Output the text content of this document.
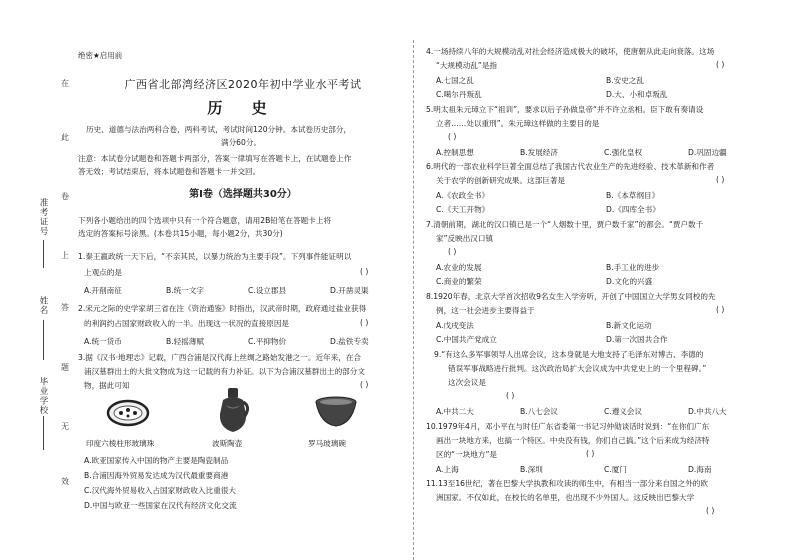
在
此
卷
上
答
题
无
效
准考证号
姓名
毕业学校
绝密★启用前
广西省北部湾经济区2020年初中学业水平考试
历 史
历史、道德与法治两科合卷，两科考试，考试时间120分钟。本试卷历史部分，
满分60分。
注意：本试卷分试题卷和答题卡两部分，答案一律填写在答题卡上，在试题卷上作
答无效；考试结束后，将本试题卷和答题卡一并交回。
第Ⅰ卷（选择题共30分）
下列各小题给出的四个选项中只有一个符合题意，请用2B铅笔在答题卡上将
选定的答案标号涂黑。(本卷共15小题，每小题2分，共30分)
1.秦王嬴政统一天下后，“不亲其民，以暴力统治为主要手段”。下列事件能证明以
上观点的是	( )
A.开削南征	B.统一文字	C.设立郡县	D.开凿灵渠
2.宋元之际的史学家胡三省在注《资治通鉴》时指出，汉武帝时期，政府通过盐业获得
的利润约占国家财政收入的一半。出现这一状况的直接原因是	( )
A.统一货币	B.轻摇薄赋	C.平抑物价	D.盐铁专卖
3.据《汉书·地理志》记载，广西合浦是汉代海上丝绸之路始发港之一。近年来，在合
浦汉墓群出土的大批文物成为这一记载的有力补证。以下为合浦汉墓群出土的部分文
物，据此可知	( )
印度六棱柱形玻璃珠	波斯陶壶	罗马玻璃碗
A.欧亚国家传入中国的物产主要是陶瓷制品
B.合浦因海外贸易发达成为汉代最重要商港
C.汉代海外贸易收入占国家财政收入比重很大
D.中国与欧亚一些国家在汉代有经济文化交流
4.一场持续八年的大规模动乱对社会经济造成极大的破坏，使唐朝从此走向衰落。这场
“大规模动乱”是指	( )
A.七国之乱	B.安史之乱
C.噶尔丹叛乱	D.大、小和卓叛乱
5.明太祖朱元璋立下“祖训”，要求以后子孙做皇帝“并不许立丞相。臣下敢有奏请设
立者……处以重刑”。朱元璋这样做的主要目的是
( )
A.控制思想	B.发展经济	C.强化皇权	D.巩固边疆
6.明代的一部农业科学巨著全面总结了我国古代农业生产的先进经验、技术革新和作者
关于农学的创新研究成果。这部巨著是	( )
A.《农政全书》	B.《本草纲目》
C.《天工开物》	D.《四库全书》
7.清朝前期，湖北的汉口镇已是一个“人烟数十里，贾户数千家”的都会。“贾户数千
家”反映出汉口镇
( )
A.农业的发展	B.手工业的进步
C.商业的繁荣	D.文化的兴盛
8.1920年春，北京大学首次招收9名女生入学旁听，开创了中国国立大学男女同校的先
例，这一社会进步主要得益于	( )
A.戊戌变法	B.新文化运动
C.中国共产党成立	D.第一次国共合作
9.“有这么多军事领导人出席会议，这本身就是大地支持了毛泽东对博古、李德的
错误军事战略进行批判。这次政治局扩大会议成为中共党史上的一个里程碑。”
这次会议是
( )
A.中共二大	B.八七会议	C.遵义会议	D.中共八大
10.1979年4月，邓小平在与时任广东省委第一书记习仲勋谈话时说到：“在你们广东
画出一块地方来，也搞一个特区。中央没有钱，你们自己搞。”这个后来成为经济特
区的“一块地方”是	( )
A.上海	B.深圳	C.厦门	D.海南
11.13至16世纪，著在巴黎大学执教和攻读的师生中，有相当一部分来自国之外的欧
洲国家。不仅如此，在校长的名单里，也出现不少外国人。这反映出巴黎大学
( )
